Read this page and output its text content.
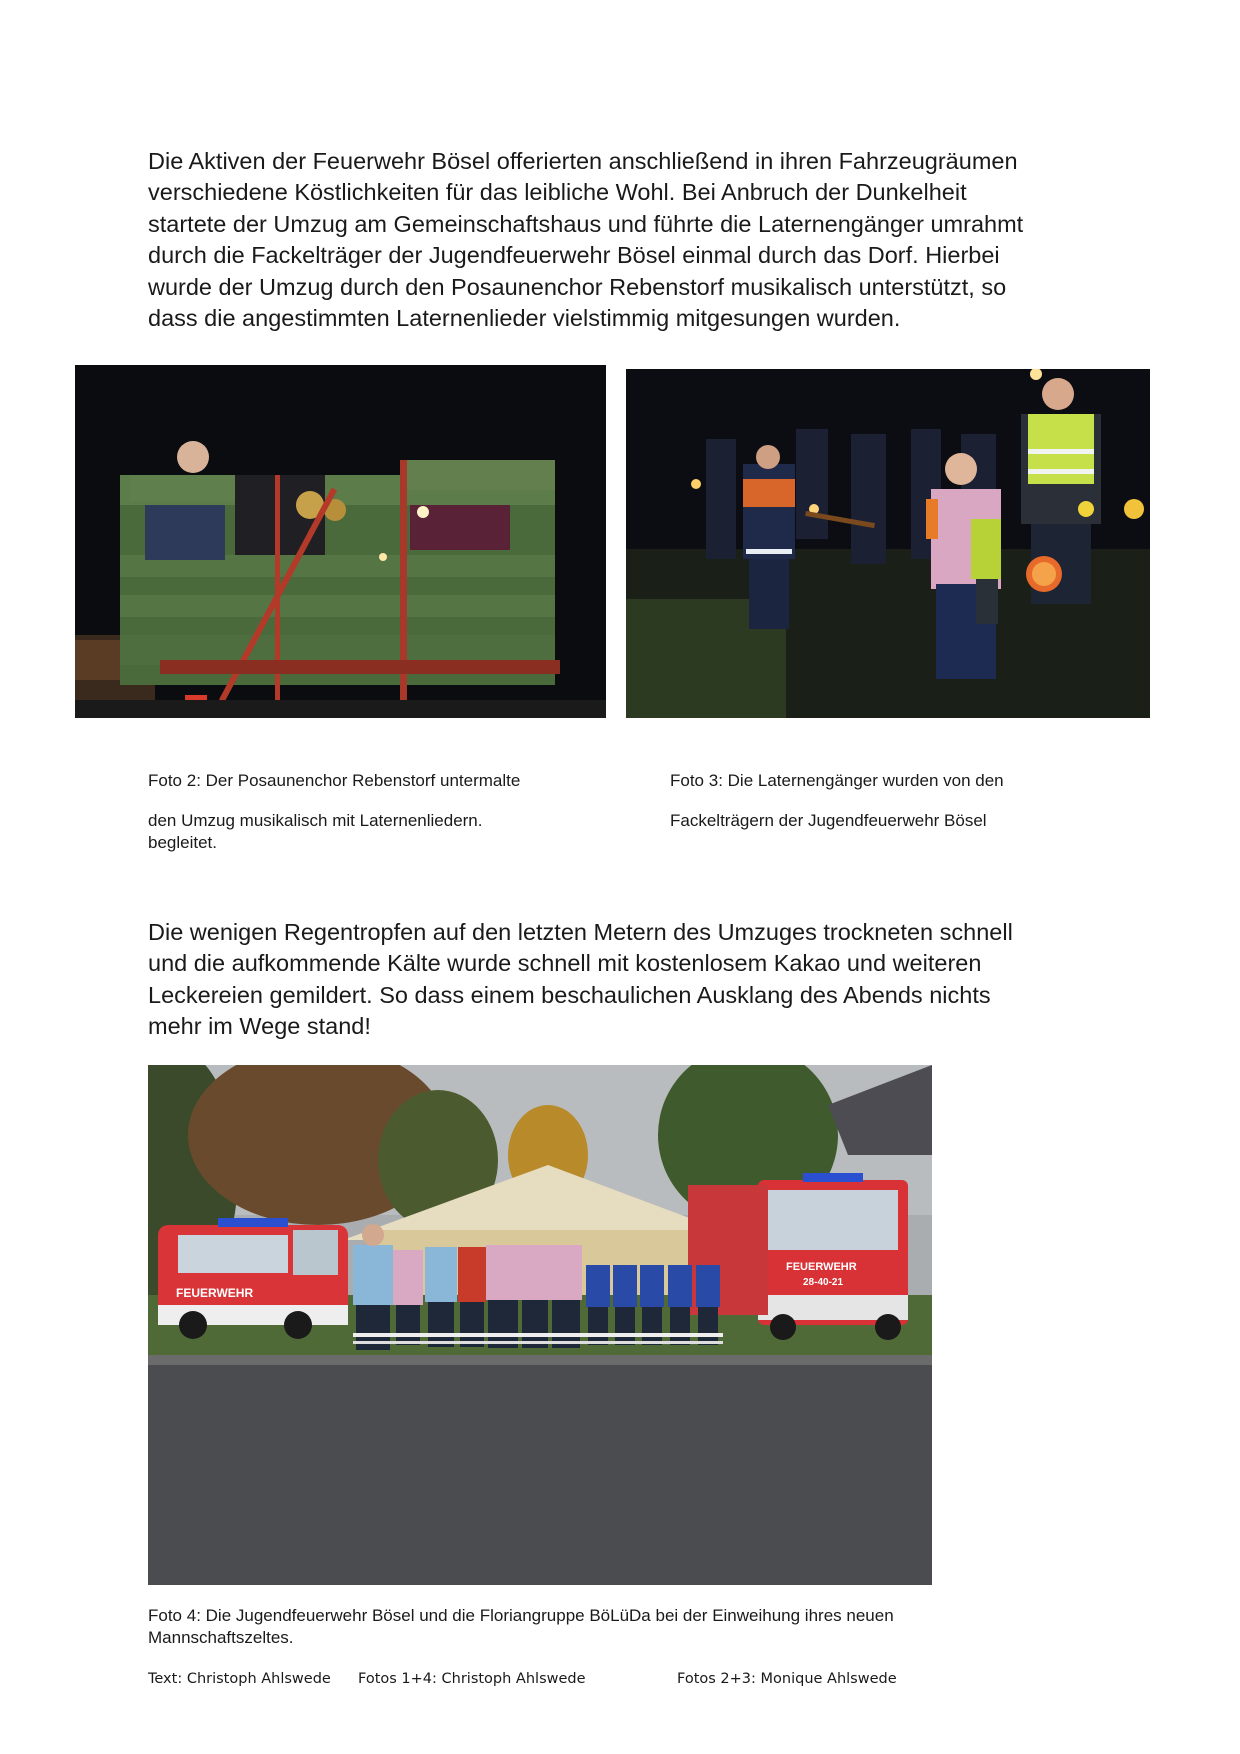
Die Aktiven der Feuerwehr Bösel offerierten anschließend in ihren Fahrzeugräumen
verschiedene Köstlichkeiten für das leibliche Wohl. Bei Anbruch der Dunkelheit
startete der Umzug am Gemeinschaftshaus und führte die Laternengänger umrahmt
durch die Fackelträger der Jugendfeuerwehr Bösel einmal durch das Dorf. Hierbei
wurde der Umzug durch den Posaunenchor Rebenstorf musikalisch unterstützt, so
dass die angestimmten Laternenlieder vielstimmig mitgesungen wurden.

Foto 2: Der Posaunenchor Rebenstorf untermalte
den Umzug musikalisch mit Laternenliedern.
begleitet.
Foto 3: Die Laternengänger wurden von den
Fackelträgern der Jugendfeuerwehr Bösel

Die wenigen Regentropfen auf den letzten Metern des Umzuges trockneten schnell
und die aufkommende Kälte wurde schnell mit kostenlosem Kakao und weiteren
Leckereien gemildert. So dass einem beschaulichen Ausklang des Abends nichts
mehr im Wege stand!

FEUERWEHR
FEUERWEHR
28-40-21
Foto 4: Die Jugendfeuerwehr Bösel und die Floriangruppe BöLüDa bei der Einweihung ihres neuen
Mannschaftszeltes.
Text: Christoph Ahlswede Fotos 1+4: Christoph Ahlswede	Fotos 2+3: Monique Ahlswede
